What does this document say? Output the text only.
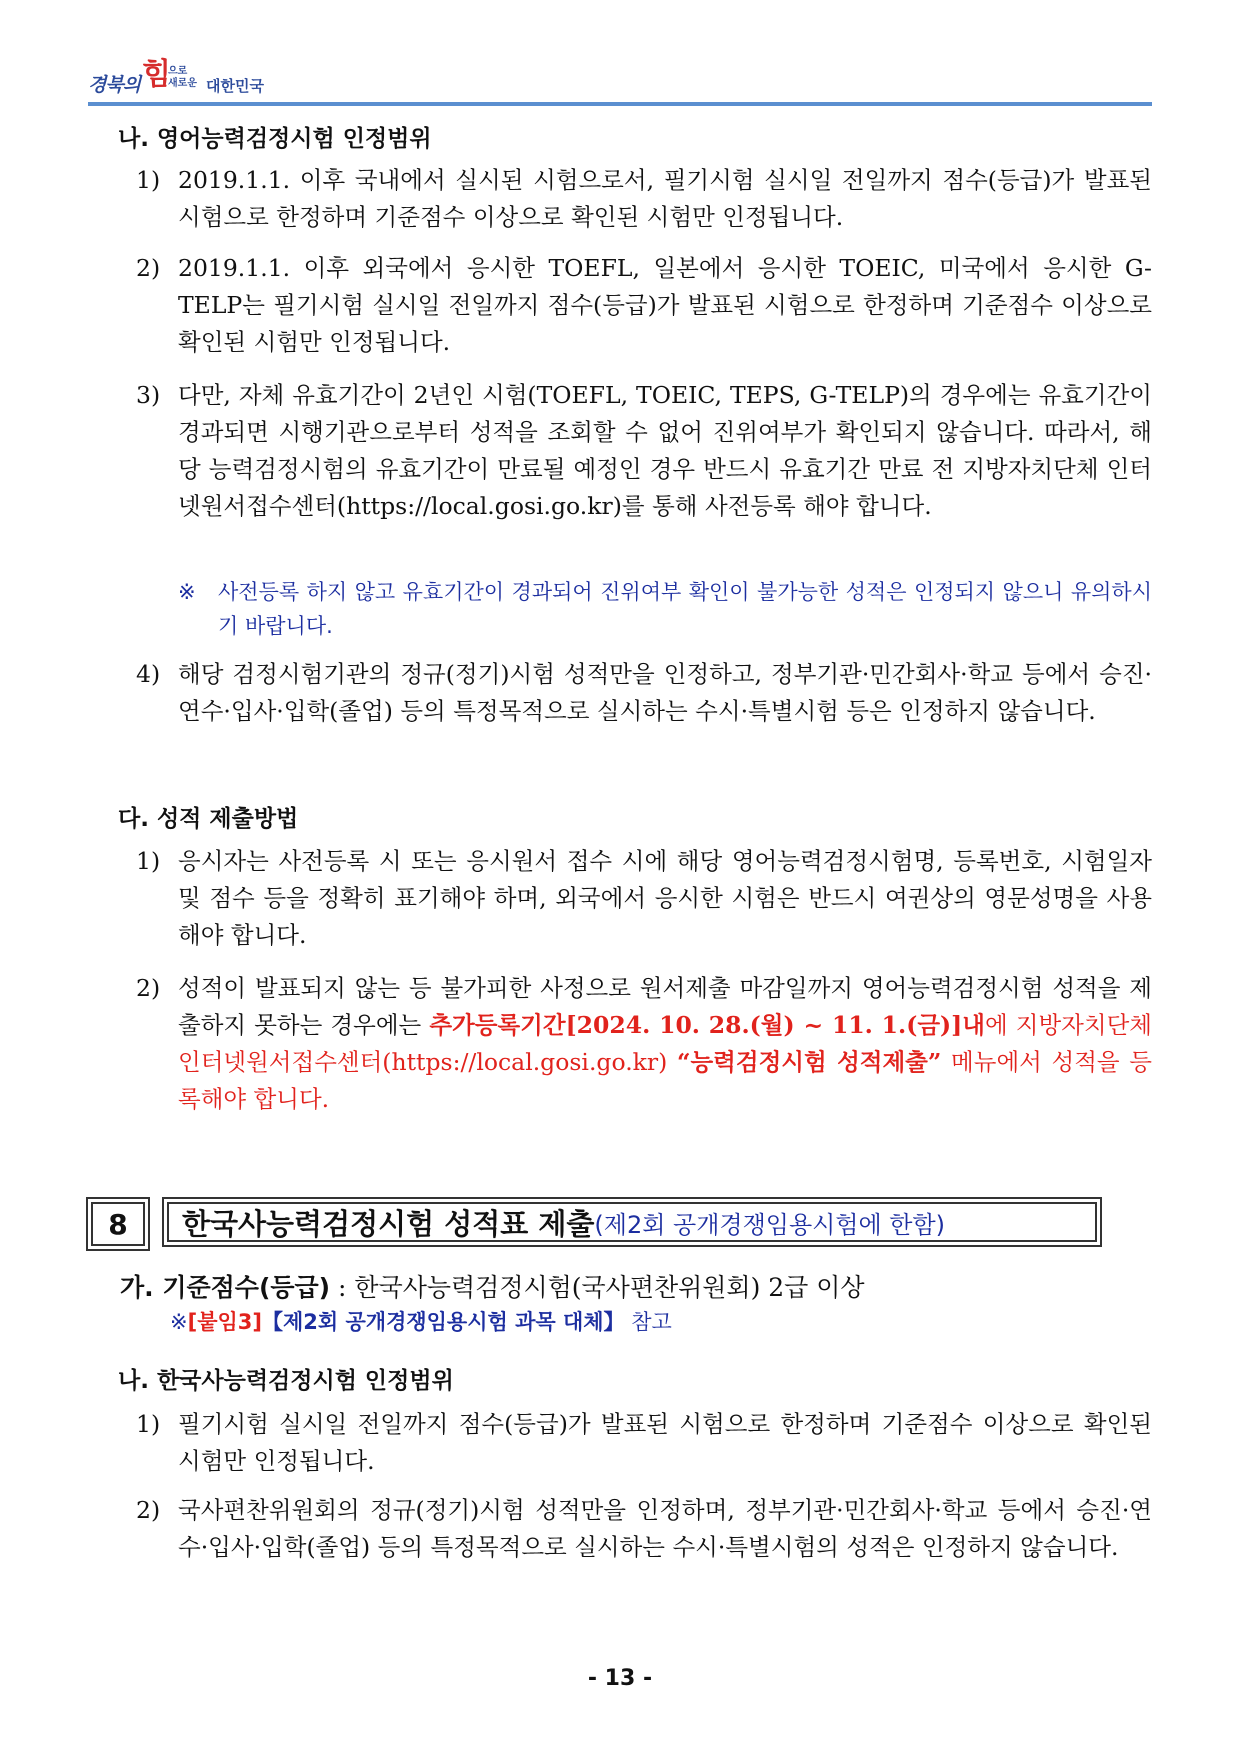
경북의 힘
으로
새로운 대한민국
나. 영어능력검정시험 인정범위
1) 2019.1.1. 이후 국내에서 실시된 시험으로서, 필기시험 실시일 전일까지 점수(등급)가 발표된 시험으로 한정하며 기준점수 이상으로 확인된 시험만 인정됩니다.
2) 2019.1.1. 이후 외국에서 응시한 TOEFL, 일본에서 응시한 TOEIC, 미국에서 응시한 G-TELP는 필기시험 실시일 전일까지 점수(등급)가 발표된 시험으로 한정하며 기준점수 이상으로 확인된 시험만 인정됩니다.
3) 다만, 자체 유효기간이 2년인 시험(TOEFL, TOEIC, TEPS, G-TELP)의 경우에는 유효기간이 경과되면 시행기관으로부터 성적을 조회할 수 없어 진위여부가 확인되지 않습니다. 따라서, 해당 능력검정시험의 유효기간이 만료될 예정인 경우 반드시 유효기간 만료 전 지방자치단체 인터넷원서접수센터(https://local.gosi.go.kr)를 통해 사전등록 해야 합니다.
※ 사전등록 하지 않고 유효기간이 경과되어 진위여부 확인이 불가능한 성적은 인정되지 않으니 유의하시기 바랍니다.
4) 해당 검정시험기관의 정규(정기)시험 성적만을 인정하고, 정부기관·민간회사·학교 등에서 승진·연수·입사·입학(졸업) 등의 특정목적으로 실시하는 수시·특별시험 등은 인정하지 않습니다.
다. 성적 제출방법
1) 응시자는 사전등록 시 또는 응시원서 접수 시에 해당 영어능력검정시험명, 등록번호, 시험일자 및 점수 등을 정확히 표기해야 하며, 외국에서 응시한 시험은 반드시 여권상의 영문성명을 사용해야 합니다.
2) 성적이 발표되지 않는 등 불가피한 사정으로 원서제출 마감일까지 영어능력검정시험 성적을 제출하지 못하는 경우에는 추가등록기간[2024. 10. 28.(월) ~ 11. 1.(금)]내에 지방자치단체 인터넷원서접수센터(https://local.gosi.go.kr) “능력검정시험 성적제출” 메뉴에서 성적을 등록해야 합니다.
8	한국사능력검정시험 성적표 제출 (제2회 공개경쟁임용시험에 한함)
가. 기준점수(등급) : 한국사능력검정시험(국사편찬위원회) 2급 이상
※[붙임3]【제2회 공개경쟁임용시험 과목 대체】 참고
나. 한국사능력검정시험 인정범위
1) 필기시험 실시일 전일까지 점수(등급)가 발표된 시험으로 한정하며 기준점수 이상으로 확인된 시험만 인정됩니다.
2) 국사편찬위원회의 정규(정기)시험 성적만을 인정하며, 정부기관·민간회사·학교 등에서 승진·연수·입사·입학(졸업) 등의 특정목적으로 실시하는 수시·특별시험의 성적은 인정하지 않습니다.
- 13 -
